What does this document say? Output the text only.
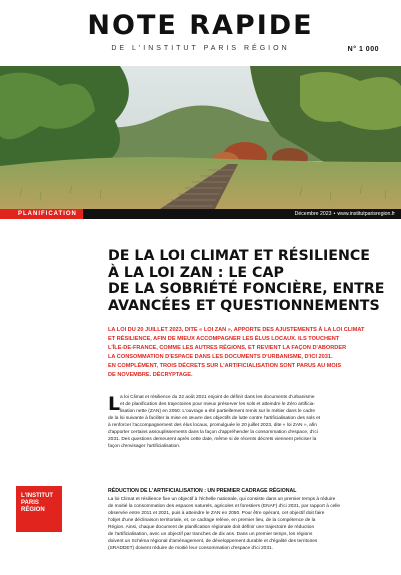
NOTE RAPIDE
DE L'INSTITUT PARIS RÉGION	N° 1 000
PLANIFICATION	Décembre 2023 • www.institutparisregion.fr
DE LA LOI CLIMAT ET RÉSILIENCE
À LA LOI ZAN : LE CAP
DE LA SOBRIÉTÉ FONCIÈRE, ENTRE
AVANCÉES ET QUESTIONNEMENTS
LA LOI DU 20 JUILLET 2023, DITE « LOI ZAN », APPORTE DES AJUSTEMENTS À LA LOI CLIMAT
ET RÉSILIENCE, AFIN DE MIEUX ACCOMPAGNER LES ÉLUS LOCAUX. ILS TOUCHENT
L'ÎLE-DE-FRANCE, COMME LES AUTRES RÉGIONS, ET REVIENT LA FAÇON D'ABORDER
LA CONSOMMATION D'ESPACE DANS LES DOCUMENTS D'URBANISME, D'ICI 2031.
EN COMPLÉMENT, TROIS DÉCRETS SUR L'ARTIFICIALISATION SONT PARUS AU MOIS
DE NOVEMBRE. DÉCRYPTAGE.
L a loi Climat et résilience du 22 août 2021 enjoint de définir dans les documents d'urbanisme
et de planification des trajectoires pour mieux préserver les sols et atteindre le Zéro artificia-
lisation nette (ZAN) en 2050. L'ouvrage a été partiellement remis sur le métier dans le cadre
de la loi suivante à faciliter la mise en œuvre des objectifs de lutte contre l'artificialisation des sols et
à renforcer l'accompagnement des élus locaux, promulguée le 20 juillet 2023, dite « loi ZAN », afin
d'apporter certains assouplissements dans la façon d'appréhender la consommation d'espace, d'ici
2031. Des questions demeurent après cette date, même si de récents décrets viennent préciser la
façon d'envisager l'artificialisation.
RÉDUCTION DE L'ARTIFICIALISATION : UN PREMIER CADRAGE RÉGIONAL
La loi Climat et résilience fixe un objectif à l'échelle nationale, qui consiste dans un premier temps à réduire
de moitié la consommation des espaces naturels, agricoles et forestiers (ENAF) d'ici 2031, par rapport à celle
observée entre 2011 et 2021, puis à atteindre le ZAN en 2050. Pour être opérant, cet objectif doit faire
l'objet d'une déclinaison territoriale, et, ce cadrage relève, en premier lieu, de la compétence de la
Région. Ainsi, chaque document de planification régionale doit définir une trajectoire de réduction
de l'artificialisation, avec un objectif par tranches de dix ans. Dans un premier temps, les régions
doivent un Schéma régional d'aménagement, de développement durable et d'égalité des territoires
(SRADDET) doivent réduire de moitié leur consommation d'espace d'ici 2031.
L'INSTITUT
PARIS
RÉGION
